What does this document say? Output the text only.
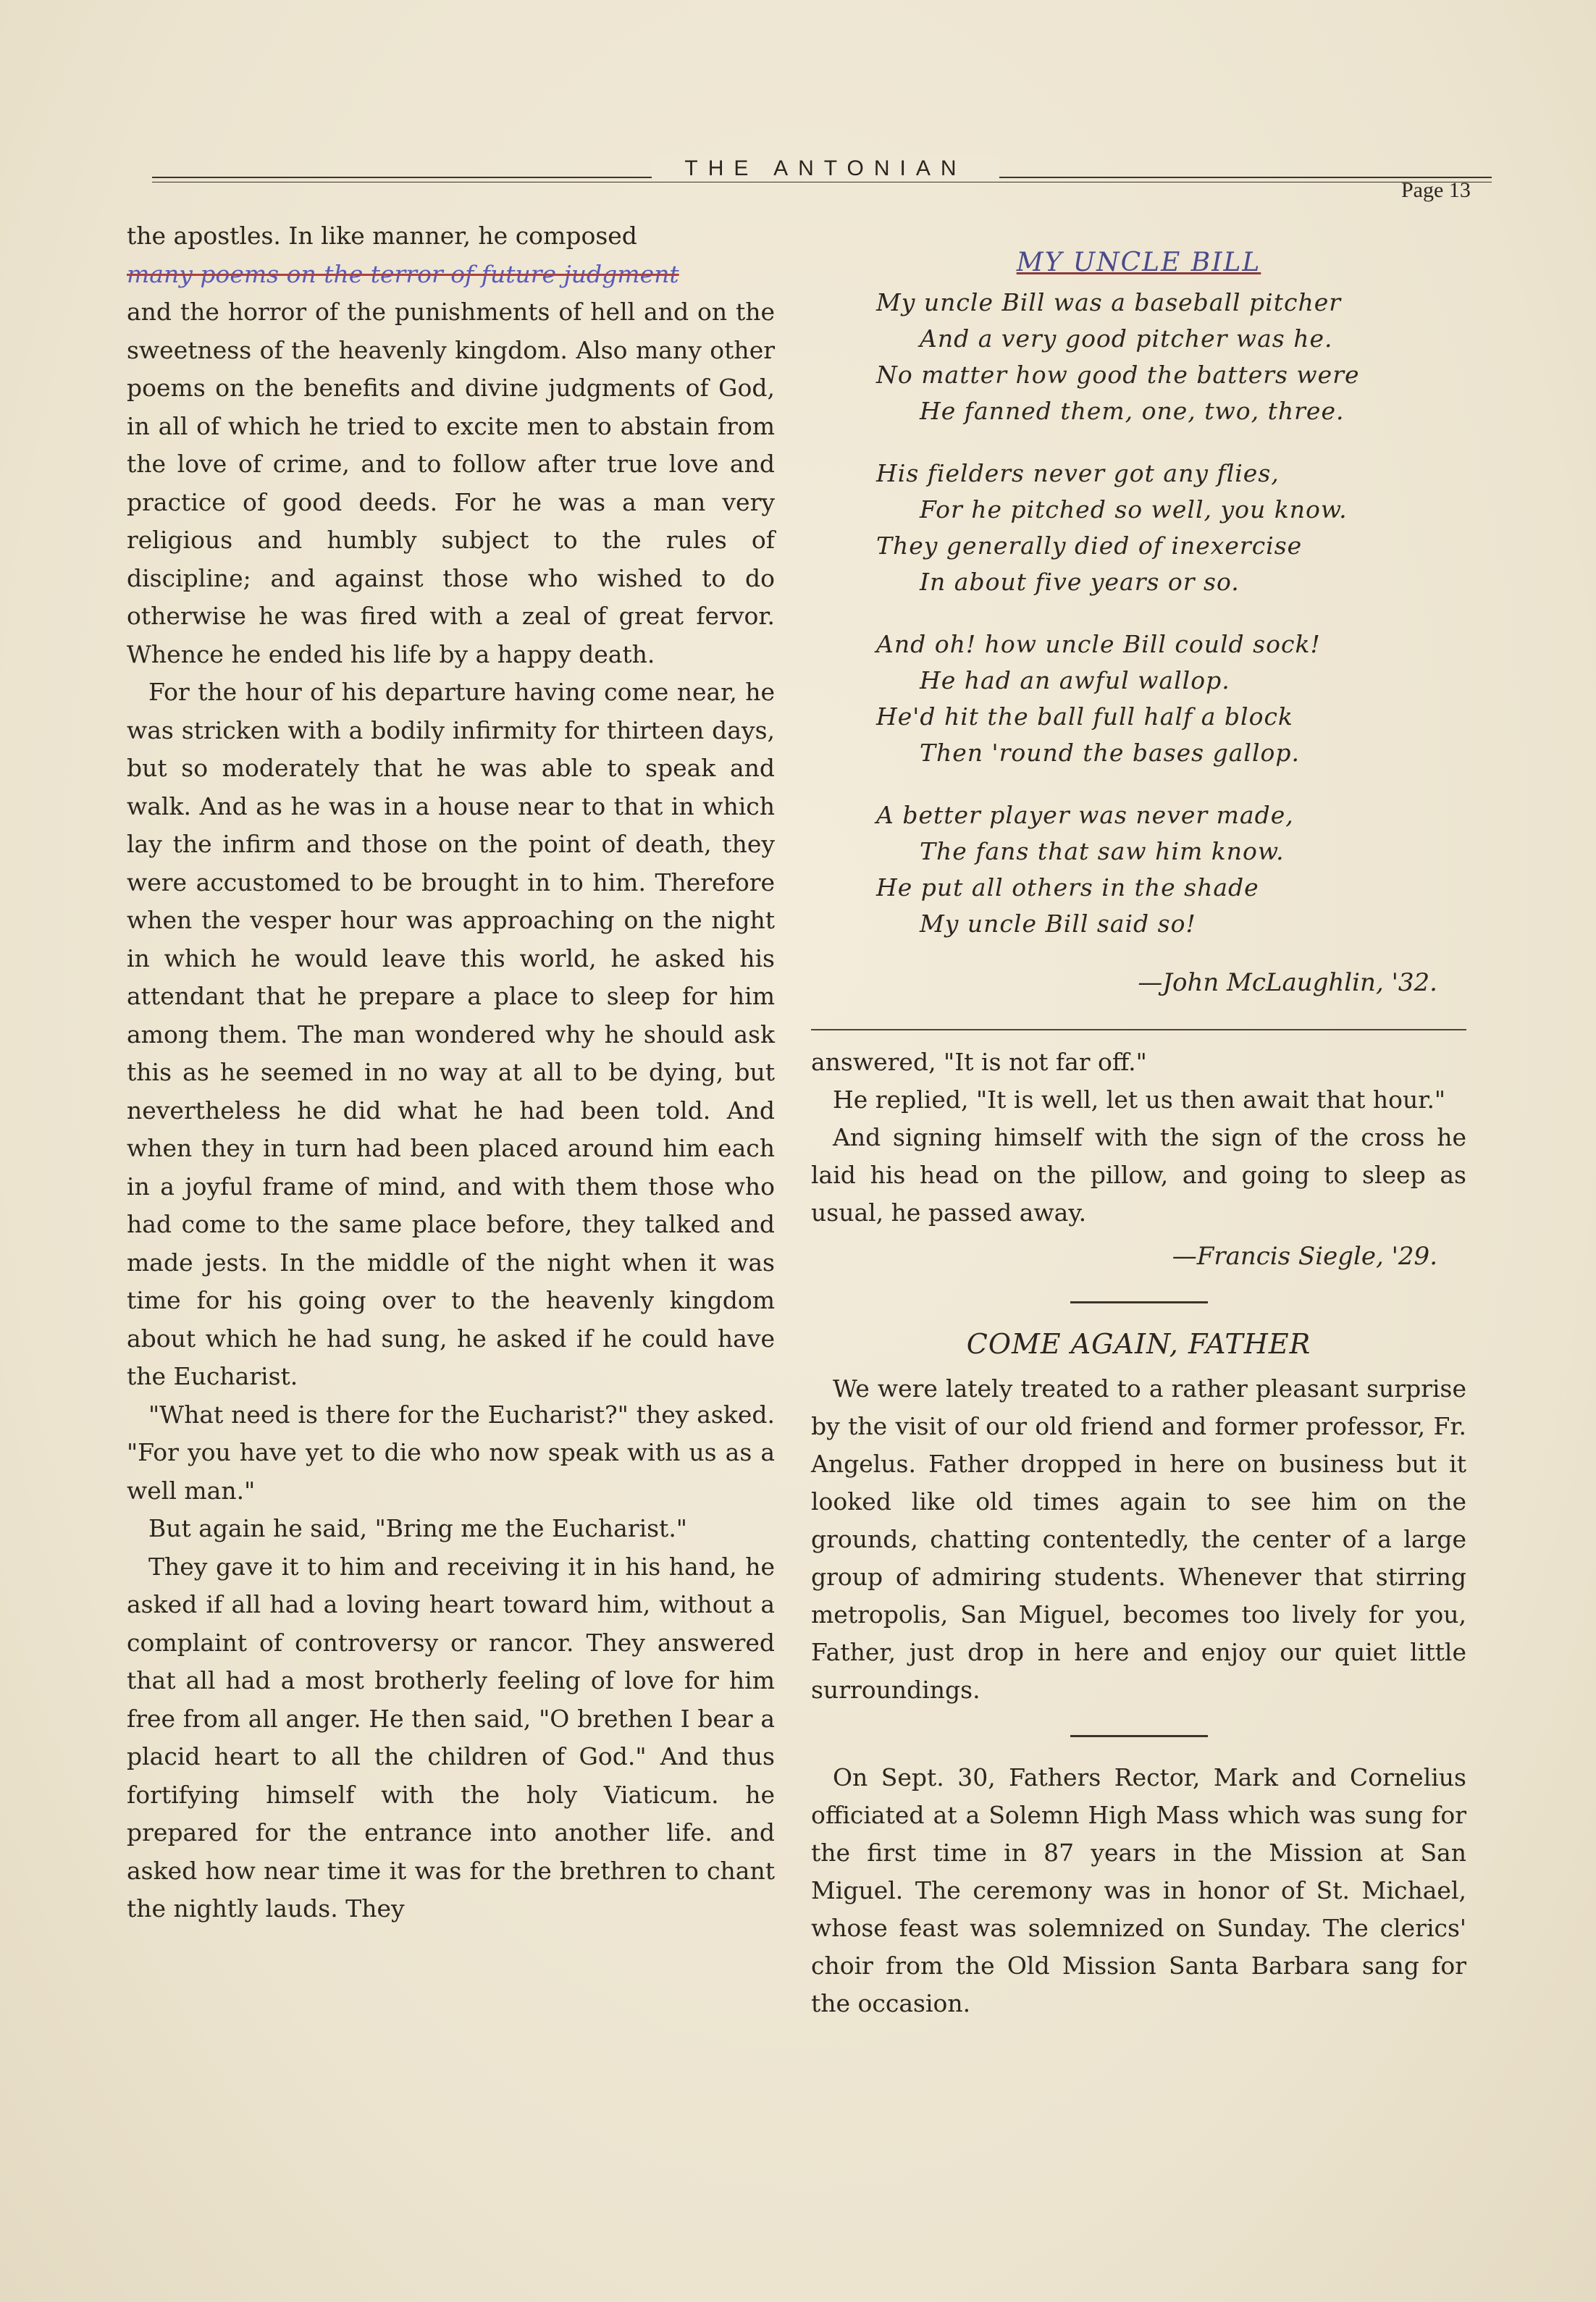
THE ANTONIAN
Page 13

the apostles. In like manner, he composed

many poems on the terror of future judgment

and the horror of the punishments of hell and on the sweetness of the heavenly kingdom. Also many other poems on the benefits and divine judgments of God, in all of which he tried to excite men to abstain from the love of crime, and to follow after true love and practice of good deeds. For he was a man very religious and humbly subject to the rules of discipline; and against those who wished to do otherwise he was fired with a zeal of great fervor. Whence he ended his life by a happy death.

For the hour of his departure having come near, he was stricken with a bodily infirmity for thirteen days, but so moderately that he was able to speak and walk. And as he was in a house near to that in which lay the infirm and those on the point of death, they were accustomed to be brought in to him. Therefore when the vesper hour was approaching on the night in which he would leave this world, he asked his attendant that he prepare a place to sleep for him among them. The man wondered why he should ask this as he seemed in no way at all to be dying, but nevertheless he did what he had been told. And when they in turn had been placed around him each in a joyful frame of mind, and with them those who had come to the same place before, they talked and made jests. In the middle of the night when it was time for his going over to the heavenly kingdom about which he had sung, he asked if he could have the Eucharist.

"What need is there for the Eucharist?" they asked. "For you have yet to die who now speak with us as a well man."

But again he said, "Bring me the Eucharist."

They gave it to him and receiving it in his hand, he asked if all had a loving heart toward him, without a complaint of controversy or rancor. They answered that all had a most brotherly feeling of love for him free from all anger. He then said, "O brethen I bear a placid heart to all the children of God." And thus fortifying himself with the holy Viaticum. he prepared for the entrance into another life. and asked how near time it was for the brethren to chant the nightly lauds. They

MY UNCLE BILL
My uncle Bill was a baseball pitcher
And a very good pitcher was he.
No matter how good the batters were
He fanned them, one, two, three.
His fielders never got any flies,
For he pitched so well, you know.
They generally died of inexercise
In about five years or so.
And oh! how uncle Bill could sock!
He had an awful wallop.
He'd hit the ball full half a block
Then 'round the bases gallop.
A better player was never made,
The fans that saw him know.
He put all others in the shade
My uncle Bill said so!
—John McLaughlin, '32.

answered, "It is not far off."

He replied, "It is well, let us then await that hour."

And signing himself with the sign of the cross he laid his head on the pillow, and going to sleep as usual, he passed away.

—Francis Siegle, '29.
COME AGAIN, FATHER

We were lately treated to a rather pleasant surprise by the visit of our old friend and former professor, Fr. Angelus. Father dropped in here on business but it looked like old times again to see him on the grounds, chatting contentedly, the center of a large group of admiring students. Whenever that stirring metropolis, San Miguel, becomes too lively for you, Father, just drop in here and enjoy our quiet little surroundings.

On Sept. 30, Fathers Rector, Mark and Cornelius officiated at a Solemn High Mass which was sung for the first time in 87 years in the Mission at San Miguel. The ceremony was in honor of St. Michael, whose feast was solemnized on Sunday. The clerics' choir from the Old Mission Santa Barbara sang for the occasion.
